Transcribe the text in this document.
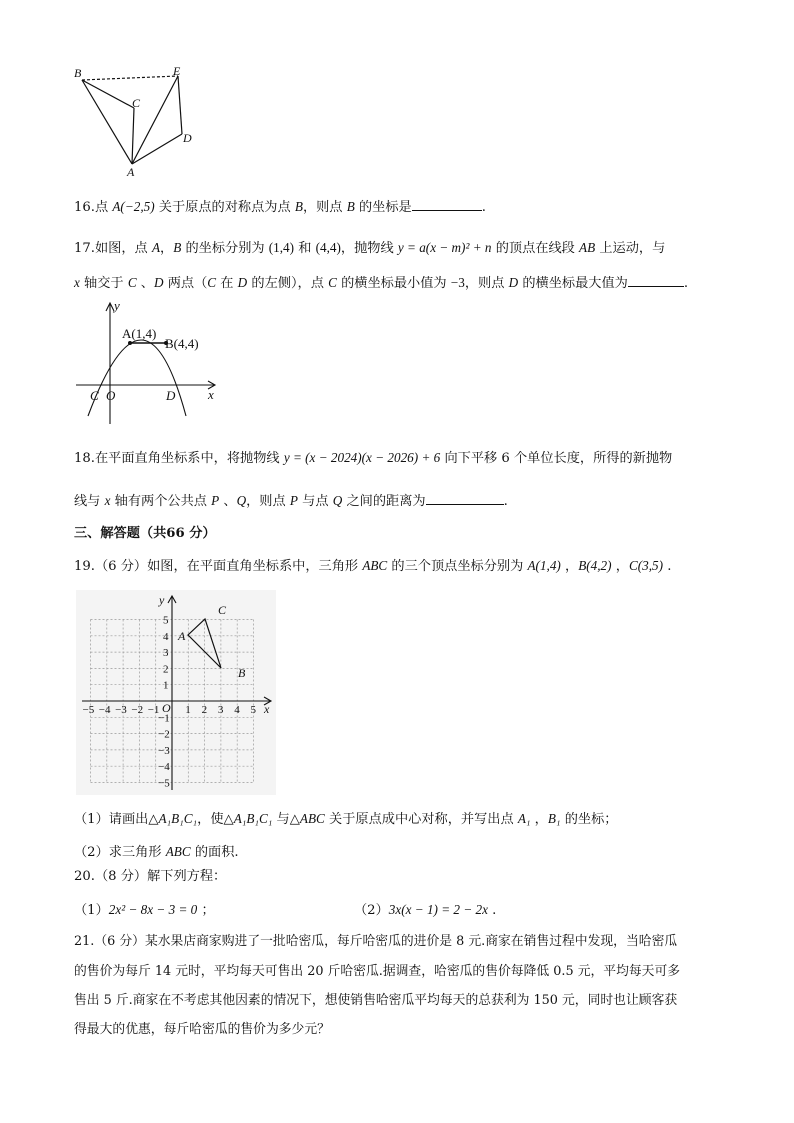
B	E
C
D
A
16.点 A(−2,5) 关于原点的对称点为点 B，则点 B 的坐标是	.
17.如图，点 A，B 的坐标分别为 (1,4) 和 (4,4)，抛物线 y = a(x − m)² + n 的顶点在线段 AB 上运动，与
x 轴交于 C 、D 两点（C 在 D 的左侧），点 C 的横坐标最小值为 −3，则点 D 的横坐标最大值为	.
y
x
A(1,4)
B(4,4)
C O	D
18.在平面直角坐标系中，将抛物线 y = (x − 2024)(x − 2026) + 6 向下平移 6 个单位长度，所得的新抛物
线与 x 轴有两个公共点 P 、Q，则点 P 与点 Q 之间的距离为	.
三、解答题（共66 分）
19.（6 分）如图，在平面直角坐标系中，三角形 ABC 的三个顶点坐标分别为 A(1,4) ，B(4,2) ，C(3,5) .
−5 −4 −3 −2 −1 1 2 3 4 5
5
4
3
2
1
−1
−2
−3
−4
−5
y
x
O
A
B
C
（1）请画出△A₁B₁C₁，使△A₁B₁C₁ 与△ABC 关于原点成中心对称，并写出点 A₁ ，B₁ 的坐标；
（2）求三角形 ABC 的面积.
20.（8 分）解下列方程：
（1）2x² − 8x − 3 = 0 ；	（2）3x(x − 1) = 2 − 2x .
21.（6 分）某水果店商家购进了一批哈密瓜，每斤哈密瓜的进价是 8 元.商家在销售过程中发现，当哈密瓜
的售价为每斤 14 元时，平均每天可售出 20 斤哈密瓜.据调查，哈密瓜的售价每降低 0.5 元，平均每天可多
售出 5 斤.商家在不考虑其他因素的情况下，想使销售哈密瓜平均每天的总获利为 150 元，同时也让顾客获
得最大的优惠，每斤哈密瓜的售价为多少元？
